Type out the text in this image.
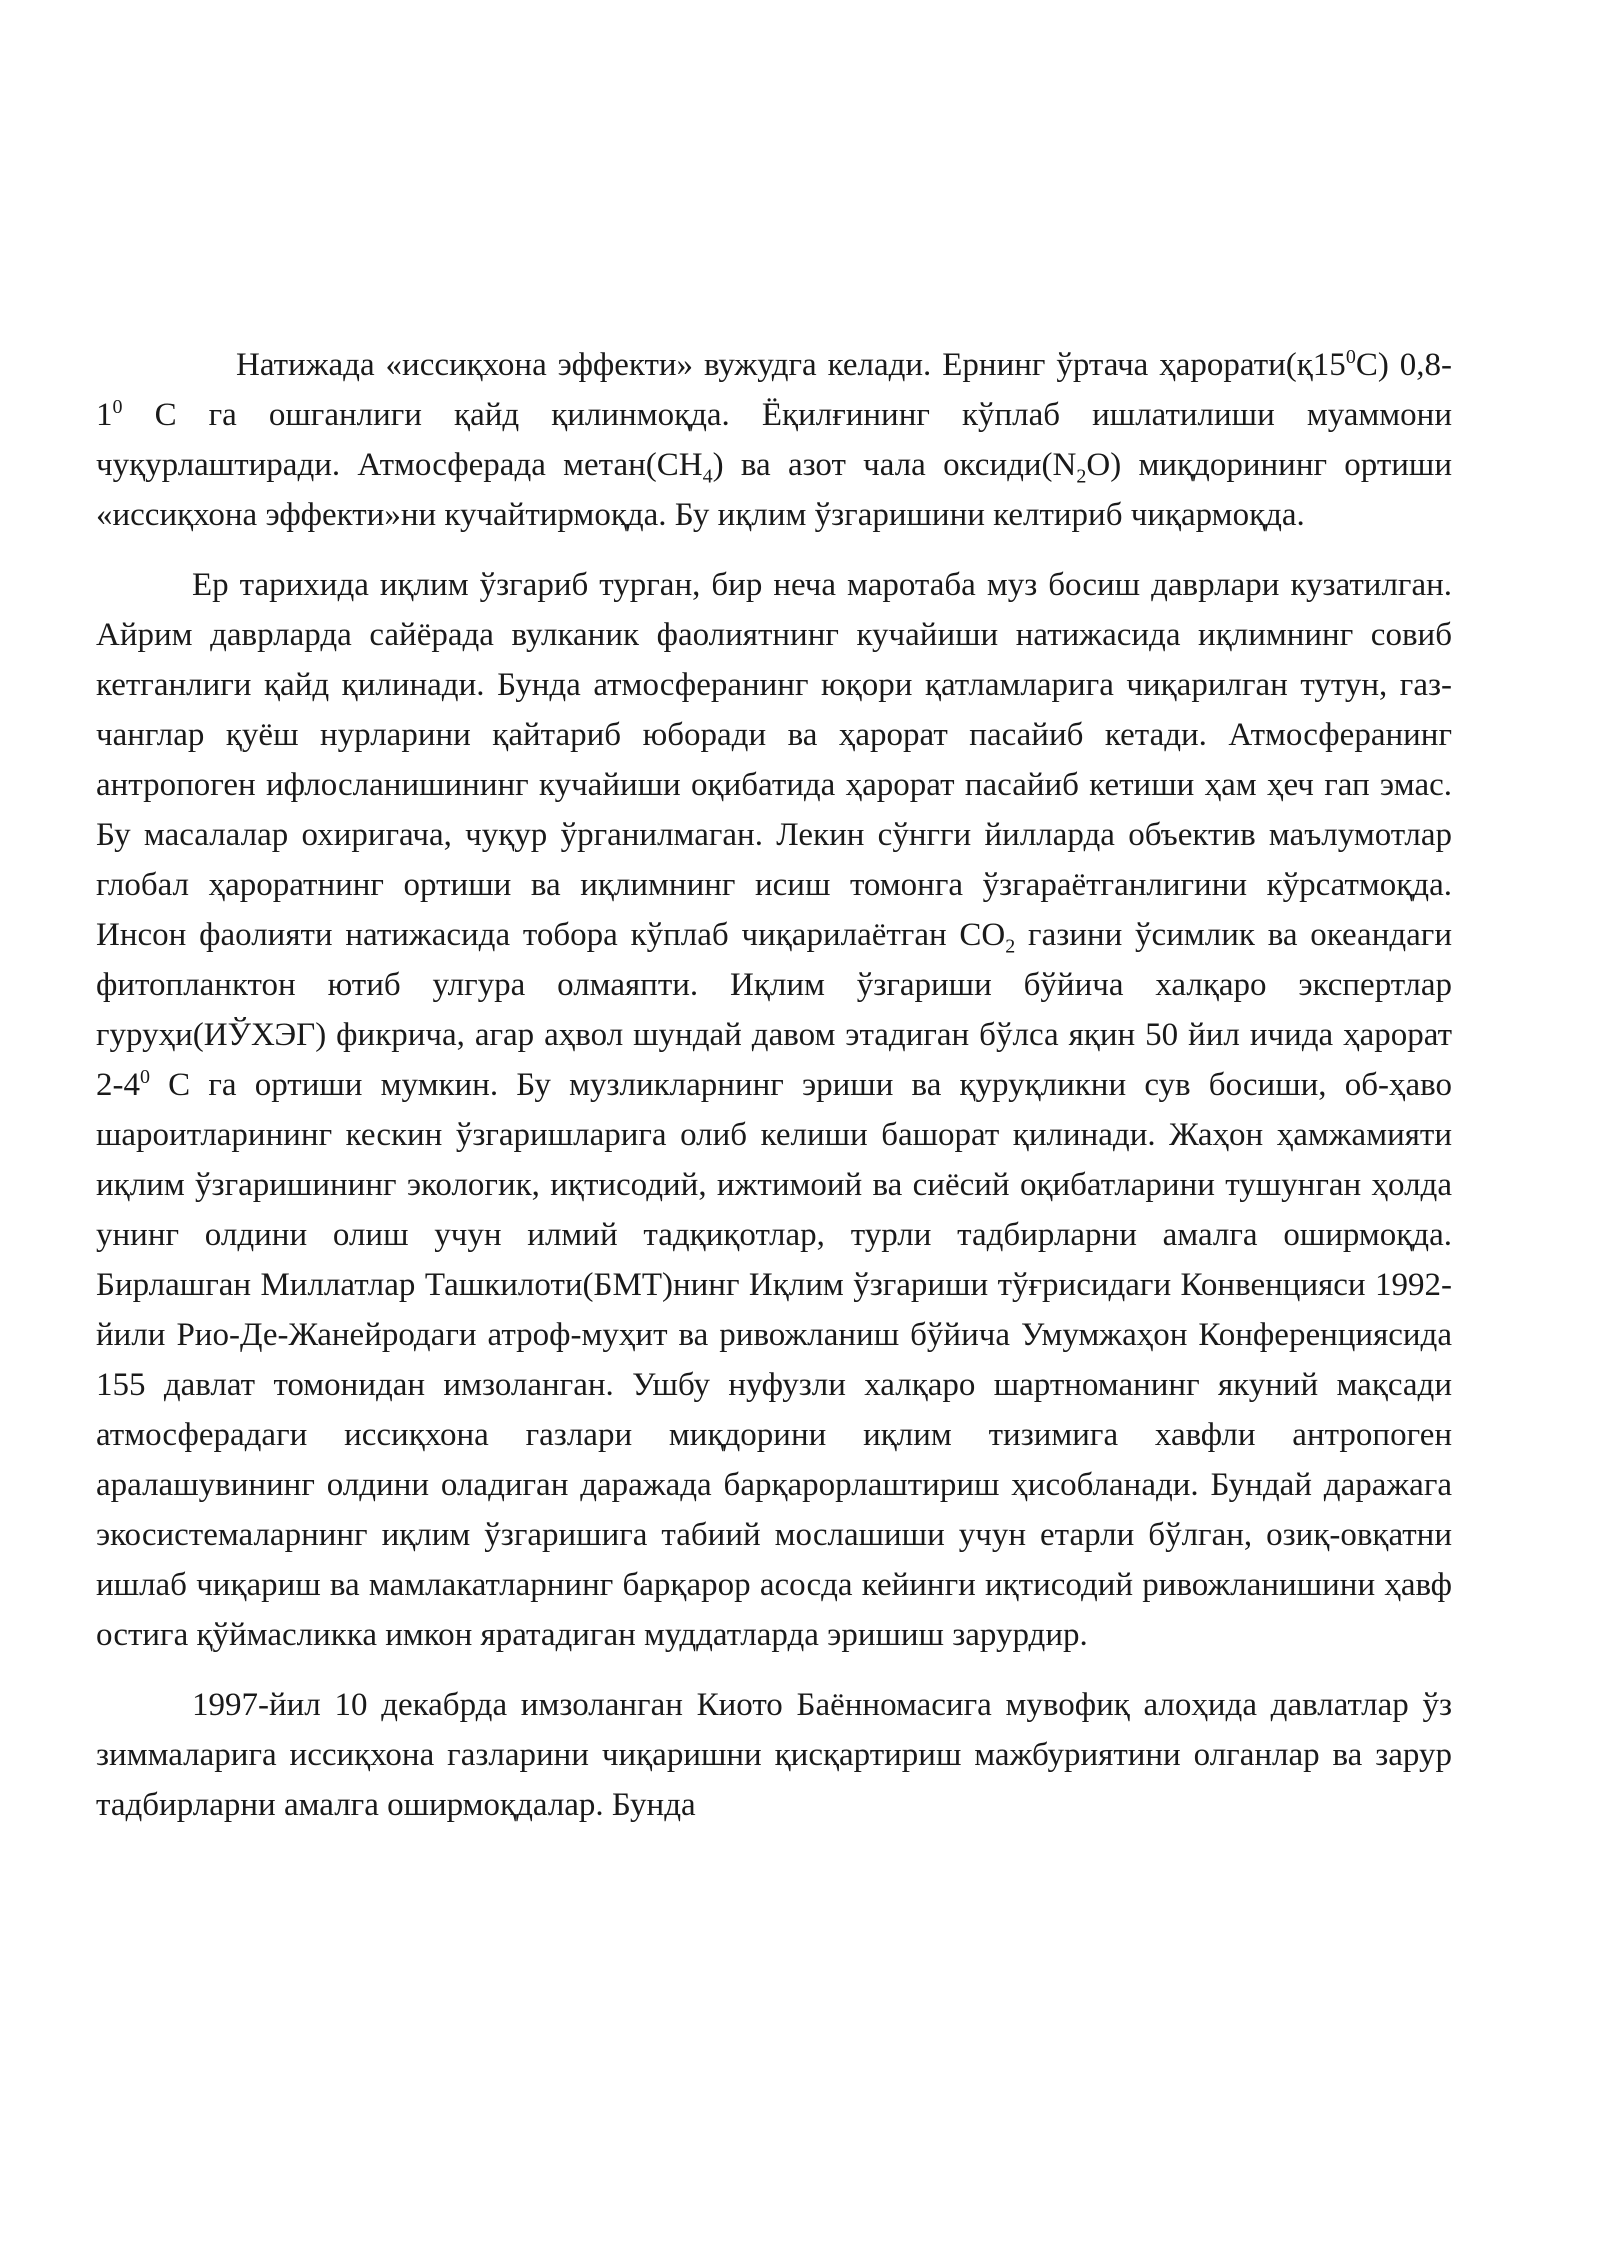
Натижада «иссиқхона эффекти» вужудга келади. Ернинг ўртача $ҳарорати(қ15^0С)$ $0,8-1^0$ С га ошганлиги қайд қилинмоқда. Ёқилғининг кўплаб ишлатилиши муаммони чуқурлаштиради. Атмосферада $метан(СН_4)$ ва азот чала $оксиди(N_2O)$ миқдорининг ортиши «иссиқхона эффекти»ни кучайтирмоқда. Бу иқлим ўзгаришини келтириб чиқармоқда.

Ер тарихида иқлим ўзгариб турган, бир неча маротаба муз босиш даврлари кузатилган. Айрим даврларда сайёрада вулканик фаолиятнинг кучайиши натижасида иқлимнинг совиб кетганлиги қайд қилинади. Бунда атмосферанинг юқори қатламларига чиқарилган тутун, газ-чанглар қуёш нурларини қайтариб юборади ва ҳарорат пасайиб кетади. Атмосферанинг антропоген ифлосланишининг кучайиши оқибатида ҳарорат пасайиб кетиши ҳам ҳеч гап эмас. Бу масалалар охиригача, чуқур ўрганилмаган. Лекин сўнгги йилларда объектив маълумотлар глобал ҳароратнинг ортиши ва иқлимнинг исиш томонга ўзгараётганлигини кўрсатмоқда. Инсон фаолияти натижасида тобора кўплаб чиқарилаётган $СО_2$ газини ўсимлик ва океандаги фитопланктон ютиб улгура олмаяпти. Иқлим ўзгариши бўйича халқаро экспертлар гуруҳи(ИЎХЭГ) фикрича, агар аҳвол шундай давом этадиган бўлса яқин 50 йил ичида ҳарорат $2-4^0$ С га ортиши мумкин. Бу музликларнинг эриши ва қуруқликни сув босиши, об-ҳаво шароитларининг кескин ўзгаришларига олиб келиши башорат қилинади. Жаҳон ҳамжамияти иқлим ўзгаришининг экологик, иқтисодий, ижтимоий ва сиёсий оқибатларини тушунган ҳолда унинг олдини олиш учун илмий тадқиқотлар, турли тадбирларни амалга оширмоқда. Бирлашган Миллатлар Ташкилоти(БМТ)нинг Иқлим ўзгариши тўғрисидаги Конвенцияси 1992-йили Рио-Де-Жанейродаги атроф-муҳит ва ривожланиш бўйича Умумжаҳон Конференциясида 155 давлат томонидан имзоланган. Ушбу нуфузли халқаро шартноманинг якуний мақсади атмосферадаги иссиқхона газлари миқдорини иқлим тизимига хавфли антропоген аралашувининг олдини оладиган даражада барқарорлаштириш ҳисобланади. Бундай даражага экосистемаларнинг иқлим ўзгаришига табиий мослашиши учун етарли бўлган, озиқ-овқатни ишлаб чиқариш ва мамлакатларнинг барқарор асосда кейинги иқтисодий ривожланишини ҳавф остига қўймасликка имкон яратадиган муддатларда эришиш зарурдир.

1997-йил 10 декабрда имзоланган Киото Баённомасига мувофиқ алоҳида давлатлар ўз зиммаларига иссиқхона газларини чиқаришни қисқартириш мажбуриятини олганлар ва зарур тадбирларни амалга оширмоқдалар. Бунда
